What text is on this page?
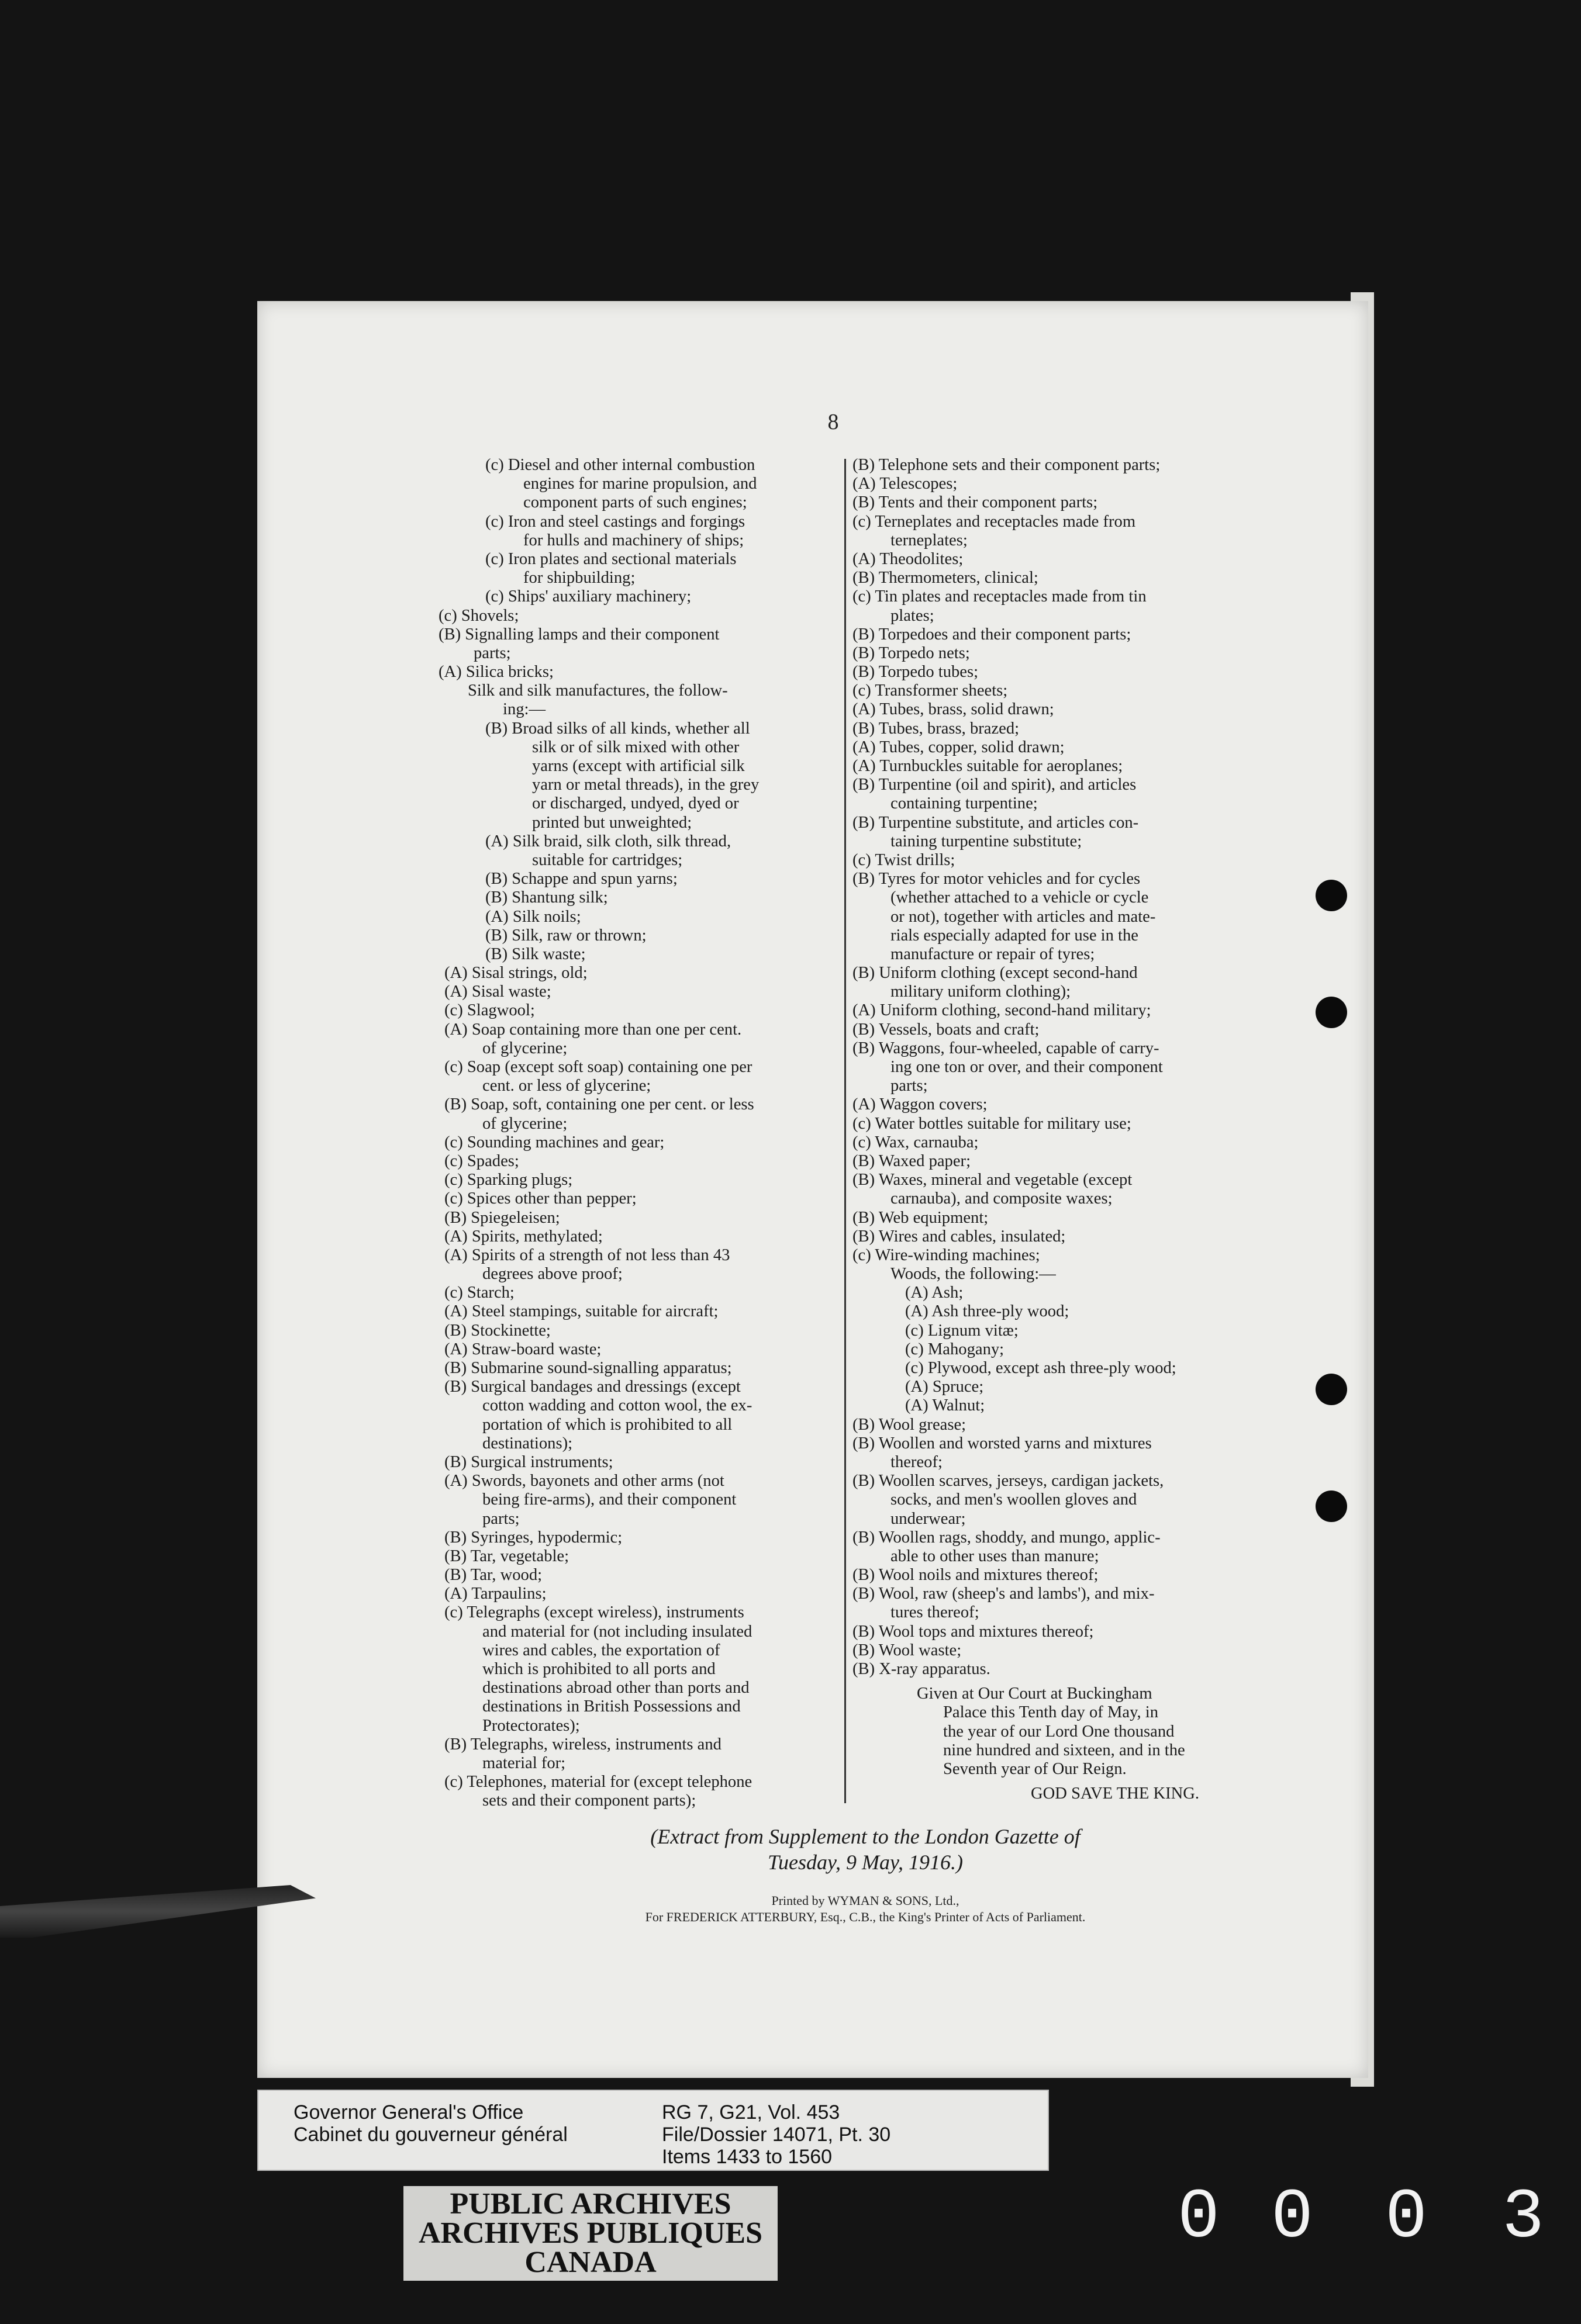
8
(c) Diesel and other internal combustion
engines for marine propulsion, and
component parts of such engines;
(c) Iron and steel castings and forgings
for hulls and machinery of ships;
(c) Iron plates and sectional materials
for shipbuilding;
(c) Ships' auxiliary machinery;
(c) Shovels;
(B) Signalling lamps and their component
parts;
(A) Silica bricks;
Silk and silk manufactures, the follow-
ing:—
(B) Broad silks of all kinds, whether all
silk or of silk mixed with other
yarns (except with artificial silk
yarn or metal threads), in the grey
or discharged, undyed, dyed or
printed but unweighted;
(A) Silk braid, silk cloth, silk thread,
suitable for cartridges;
(B) Schappe and spun yarns;
(B) Shantung silk;
(A) Silk noils;
(B) Silk, raw or thrown;
(B) Silk waste;
(A) Sisal strings, old;
(A) Sisal waste;
(c) Slagwool;
(A) Soap containing more than one per cent.
of glycerine;
(c) Soap (except soft soap) containing one per
cent. or less of glycerine;
(B) Soap, soft, containing one per cent. or less
of glycerine;
(c) Sounding machines and gear;
(c) Spades;
(c) Sparking plugs;
(c) Spices other than pepper;
(B) Spiegeleisen;
(A) Spirits, methylated;
(A) Spirits of a strength of not less than 43
degrees above proof;
(c) Starch;
(A) Steel stampings, suitable for aircraft;
(B) Stockinette;
(A) Straw-board waste;
(B) Submarine sound-signalling apparatus;
(B) Surgical bandages and dressings (except
cotton wadding and cotton wool, the ex-
portation of which is prohibited to all
destinations);
(B) Surgical instruments;
(A) Swords, bayonets and other arms (not
being fire-arms), and their component
parts;
(B) Syringes, hypodermic;
(B) Tar, vegetable;
(B) Tar, wood;
(A) Tarpaulins;
(c) Telegraphs (except wireless), instruments
and material for (not including insulated
wires and cables, the exportation of
which is prohibited to all ports and
destinations abroad other than ports and
destinations in British Possessions and
Protectorates);
(B) Telegraphs, wireless, instruments and
material for;
(c) Telephones, material for (except telephone
sets and their component parts);
(B) Telephone sets and their component parts;
(A) Telescopes;
(B) Tents and their component parts;
(c) Terneplates and receptacles made from
terneplates;
(A) Theodolites;
(B) Thermometers, clinical;
(c) Tin plates and receptacles made from tin
plates;
(B) Torpedoes and their component parts;
(B) Torpedo nets;
(B) Torpedo tubes;
(c) Transformer sheets;
(A) Tubes, brass, solid drawn;
(B) Tubes, brass, brazed;
(A) Tubes, copper, solid drawn;
(A) Turnbuckles suitable for aeroplanes;
(B) Turpentine (oil and spirit), and articles
containing turpentine;
(B) Turpentine substitute, and articles con-
taining turpentine substitute;
(c) Twist drills;
(B) Tyres for motor vehicles and for cycles
(whether attached to a vehicle or cycle
or not), together with articles and mate-
rials especially adapted for use in the
manufacture or repair of tyres;
(B) Uniform clothing (except second-hand
military uniform clothing);
(A) Uniform clothing, second-hand military;
(B) Vessels, boats and craft;
(B) Waggons, four-wheeled, capable of carry-
ing one ton or over, and their component
parts;
(A) Waggon covers;
(c) Water bottles suitable for military use;
(c) Wax, carnauba;
(B) Waxed paper;
(B) Waxes, mineral and vegetable (except
carnauba), and composite waxes;
(B) Web equipment;
(B) Wires and cables, insulated;
(c) Wire-winding machines;
Woods, the following:—
(A) Ash;
(A) Ash three-ply wood;
(c) Lignum vitæ;
(c) Mahogany;
(c) Plywood, except ash three-ply wood;
(A) Spruce;
(A) Walnut;
(B) Wool grease;
(B) Woollen and worsted yarns and mixtures
thereof;
(B) Woollen scarves, jerseys, cardigan jackets,
socks, and men's woollen gloves and
underwear;
(B) Woollen rags, shoddy, and mungo, applic-
able to other uses than manure;
(B) Wool noils and mixtures thereof;
(B) Wool, raw (sheep's and lambs'), and mix-
tures thereof;
(B) Wool tops and mixtures thereof;
(B) Wool waste;
(B) X-ray apparatus.
Given at Our Court at Buckingham
Palace this Tenth day of May, in
the year of our Lord One thousand
nine hundred and sixteen, and in the
Seventh year of Our Reign.
GOD SAVE THE KING.
(Extract from Supplement to the London Gazette of
Tuesday, 9 May, 1916.)
Printed by WYMAN & SONS, Ltd.,
For FREDERICK ATTERBURY, Esq., C.B., the King's Printer of Acts of Parliament.
Governor General's Office
Cabinet du gouverneur général
RG 7, G21, Vol. 453
File/Dossier 14071, Pt. 30
Items 1433 to 1560
PUBLIC ARCHIVES
ARCHIVES PUBLIQUES
CANADA
0 0 0 3
